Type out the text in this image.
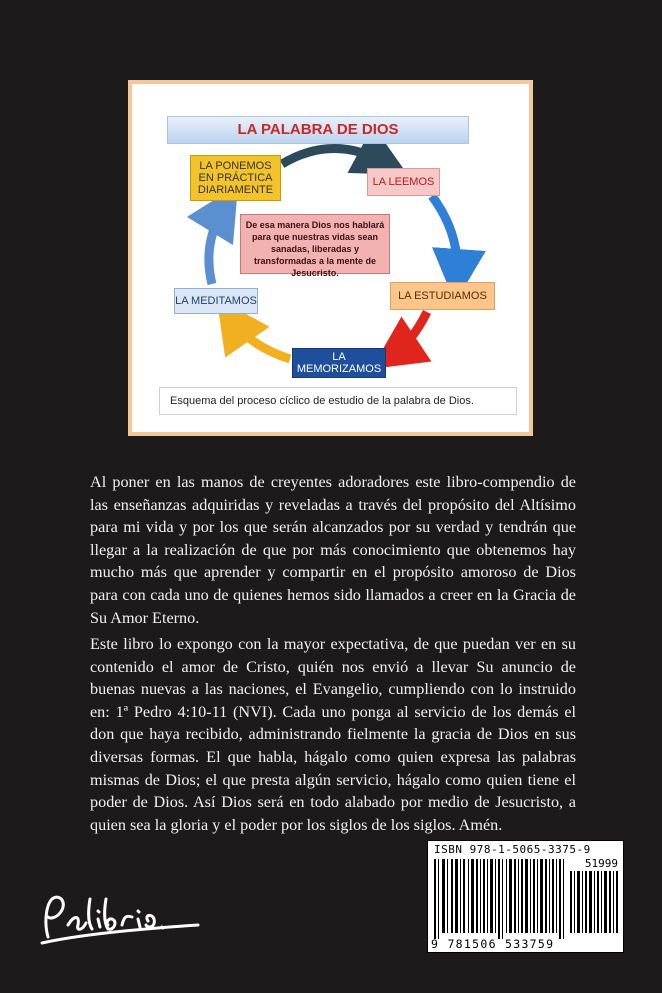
LA PALABRA DE DIOS
LA PONEMOS EN PRÁCTICA DIARIAMENTE
LA LEEMOS
LA ESTUDIAMOS
LA MEMORIZAMOS
LA MEDITAMOS
De esa manera Dios nos hablará para que nuestras vidas sean sanadas, liberadas y transformadas a la mente de Jesucristo.
Esquema del proceso cíclico de estudio de la palabra de Dios.
Al poner en las manos de creyentes adoradores este libro-compendio de las enseñanzas adquiridas y reveladas a través del propósito del Altísimo para mi vida y por los que serán alcanzados por su verdad y tendrán que llegar a la realización de que por más conocimiento que obtenemos hay mucho más que aprender y compartir en el propósito amoroso de Dios para con cada uno de quienes hemos sido llamados a creer en la Gracia de Su Amor Eterno.
Este libro lo expongo con la mayor expectativa, de que puedan ver en su contenido el amor de Cristo, quién nos envió a llevar Su anuncio de buenas nuevas a las naciones, el Evangelio, cumpliendo con lo instruido en: 1ª Pedro 4:10-11 (NVI). Cada uno ponga al servicio de los demás el don que haya recibido, administrando fielmente la gracia de Dios en sus diversas formas. El que habla, hágalo como quien expresa las palabras mismas de Dios; el que presta algún servicio, hágalo como quien tiene el poder de Dios. Así Dios será en todo alabado por medio de Jesucristo, a quien sea la gloria y el poder por los siglos de los siglos. Amén.
ISBN 978-1-5065-3375-9
51999
9 781506 533759
